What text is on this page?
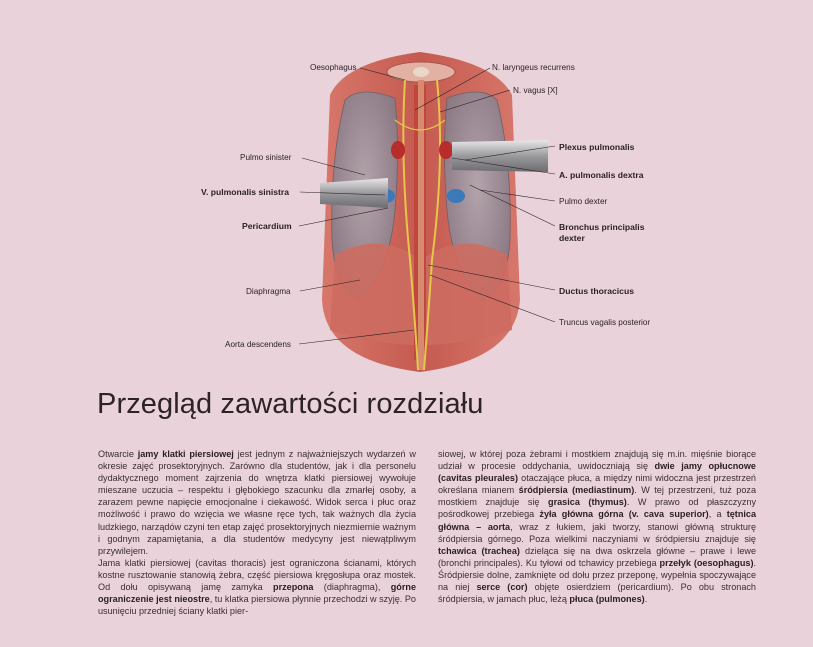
Oesophagus	N. laryngeus recurrens
N. vagus [X]
Pulmo sinister
V. pulmonalis sinistra
Pericardium
Diaphragma
Aorta descendens
Plexus pulmonalis
A. pulmonalis dextra
Pulmo dexter
Bronchus principalis
dexter
Ductus thoracicus
Truncus vagalis posterior
Przegląd zawartości rozdziału

Otwarcie jamy klatki piersiowej jest jednym z najważniejszych wydarzeń w okresie zajęć prosektoryjnych. Zarówno dla studentów, jak i dla personelu dydaktycznego moment zajrzenia do wnętrza klatki piersiowej wywołuje mieszane uczucia – respektu i głębokiego szacunku dla zmarłej osoby, a zarazem pewne napięcie emocjonalne i ciekawość. Widok serca i płuc oraz możliwość i prawo do wzięcia we własne ręce tych, tak ważnych dla życia ludzkiego, narządów czyni ten etap zajęć prosektoryjnych niezmiernie ważnym i godnym zapamiętania, a dla studentów medycyny jest niewątpliwym przywilejem.

Jama klatki piersiowej (cavitas thoracis) jest ograniczona ścianami, których kostne rusztowanie stanowią żebra, część piersiowa kręgosłupa oraz mostek. Od dołu opisywaną jamę zamyka przepona (diaphragma), górne ograniczenie jest nieostre, tu klatka piersiowa płynnie przechodzi w szyję. Po usunięciu przedniej ściany klatki pier-

siowej, w której poza żebrami i mostkiem znajdują się m.in. mięśnie biorące udział w procesie oddychania, uwidoczniają się dwie jamy opłucnowe (cavitas pleurales) otaczające płuca, a między nimi widoczna jest przestrzeń określana mianem śródpiersia (mediastinum). W tej przestrzeni, tuż poza mostkiem znajduje się grasica (thymus). W prawo od płaszczyzny pośrodkowej przebiega żyła główna górna (v. cava superior), a tętnica główna – aorta, wraz z łukiem, jaki tworzy, stanowi główną strukturę śródpiersia górnego. Poza wielkimi naczyniami w śródpiersiu znajduje się tchawica (trachea) dzieląca się na dwa oskrzela główne – prawe i lewe (bronchi principales). Ku tyłowi od tchawicy przebiega przełyk (oesophagus). Śródpiersie dolne, zamknięte od dołu przez przeponę, wypełnia spoczywające na niej serce (cor) objęte osierdziem (pericardium). Po obu stronach śródpiersia, w jamach płuc, leżą płuca (pulmones).
